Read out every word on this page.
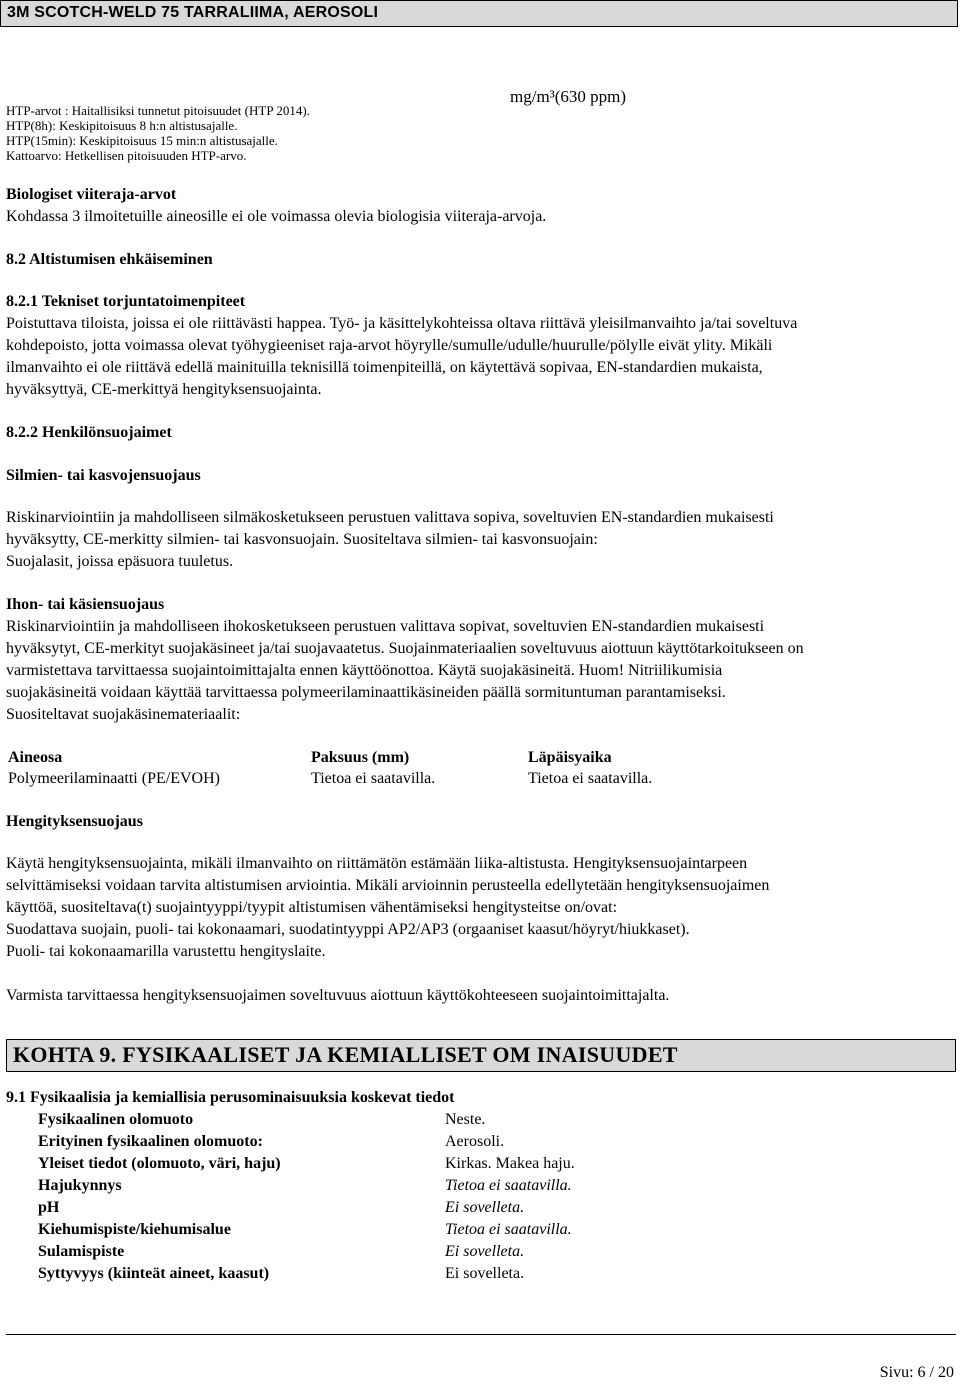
3M SCOTCH-WELD 75 TARRALIIMA, AEROSOLI
mg/m³(630 ppm)
HTP-arvot : Haitallisiksi tunnetut pitoisuudet (HTP 2014).
HTP(8h): Keskipitoisuus 8 h:n altistusajalle.
HTP(15min): Keskipitoisuus 15 min:n altistusajalle.
Kattoarvo: Hetkellisen pitoisuuden HTP-arvo.
Biologiset viiteraja-arvot
Kohdassa 3 ilmoitetuille aineosille ei ole voimassa olevia biologisia viiteraja-arvoja.
8.2 Altistumisen ehkäiseminen
8.2.1 Tekniset torjuntatoimenpiteet
Poistuttava tiloista, joissa ei ole riittävästi happea. Työ- ja käsittelykohteissa oltava riittävä yleisilmanvaihto ja/tai soveltuva
kohdepoisto, jotta voimassa olevat työhygieeniset raja-arvot höyrylle/sumulle/udulle/huurulle/pölylle eivät ylity. Mikäli
ilmanvaihto ei ole riittävä edellä mainituilla teknisillä toimenpiteillä, on käytettävä sopivaa, EN-standardien mukaista,
hyväksyttyä, CE-merkittyä hengityksensuojainta.
8.2.2 Henkilönsuojaimet
Silmien- tai kasvojensuojaus
Riskinarviointiin ja mahdolliseen silmäkosketukseen perustuen valittava sopiva, soveltuvien EN-standardien mukaisesti
hyväksytty, CE-merkitty silmien- tai kasvonsuojain. Suositeltava silmien- tai kasvonsuojain:
Suojalasit, joissa epäsuora tuuletus.
Ihon- tai käsiensuojaus
Riskinarviointiin ja mahdolliseen ihokosketukseen perustuen valittava sopivat, soveltuvien EN-standardien mukaisesti
hyväksytyt, CE-merkityt suojakäsineet ja/tai suojavaatetus. Suojainmateriaalien soveltuvuus aiottuun käyttötarkoitukseen on
varmistettava tarvittaessa suojaintoimittajalta ennen käyttöönottoa. Käytä suojakäsineitä. Huom! Nitriilikumisia
suojakäsineitä voidaan käyttää tarvittaessa polymeerilaminaattikäsineiden päällä sormituntuman parantamiseksi.
Suositeltavat suojakäsinemateriaalit:
Aineosa	Paksuus (mm)	Läpäisyaika
Polymeerilaminaatti (PE/EVOH)	Tietoa ei saatavilla.	Tietoa ei saatavilla.
Hengityksensuojaus
Käytä hengityksensuojainta, mikäli ilmanvaihto on riittämätön estämään liika-altistusta. Hengityksensuojaintarpeen
selvittämiseksi voidaan tarvita altistumisen arviointia. Mikäli arvioinnin perusteella edellytetään hengityksensuojaimen
käyttöä, suositeltava(t) suojaintyyppi/tyypit altistumisen vähentämiseksi hengitysteitse on/ovat:
Suodattava suojain, puoli- tai kokonaamari, suodatintyyppi AP2/AP3 (orgaaniset kaasut/höyryt/hiukkaset).
Puoli- tai kokonaamarilla varustettu hengityslaite.
Varmista tarvittaessa hengityksensuojaimen soveltuvuus aiottuun käyttökohteeseen suojaintoimittajalta.
KOHTA 9. FYSIKAALISET JA KEMIALLISET OM INAISUUDET
9.1 Fysikaalisia ja kemiallisia perusominaisuuksia koskevat tiedot
Fysikaalinen olomuoto	Neste.
Erityinen fysikaalinen olomuoto:	Aerosoli.
Yleiset tiedot (olomuoto, väri, haju)	Kirkas. Makea haju.
Hajukynnys	Tietoa ei saatavilla.
pH	Ei sovelleta.
Kiehumispiste/kiehumisalue	Tietoa ei saatavilla.
Sulamispiste	Ei sovelleta.
Syttyvyys (kiinteät aineet, kaasut)	Ei sovelleta.
Sivu: 6 / 20
